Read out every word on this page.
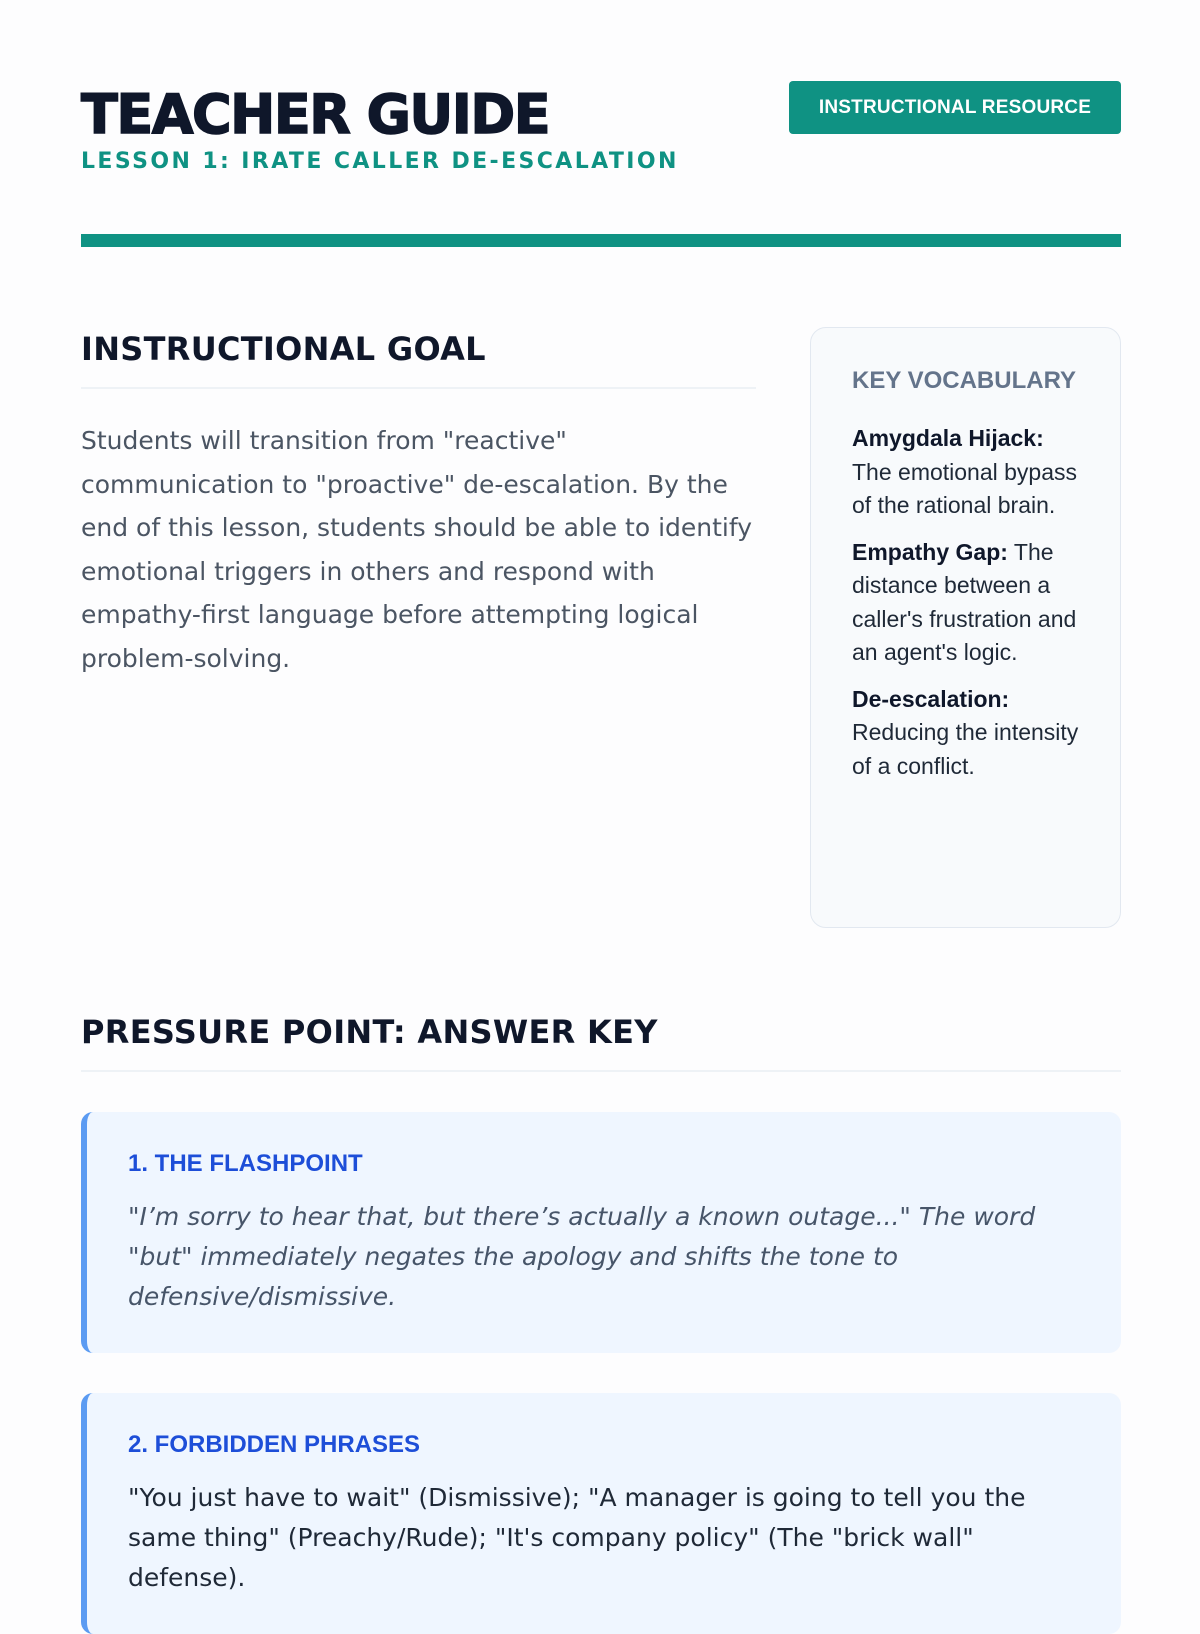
TEACHER GUIDE
LESSON 1: IRATE CALLER DE-ESCALATION
INSTRUCTIONAL RESOURCE
INSTRUCTIONAL GOAL

Students will transition from "reactive" communication to "proactive" de-escalation. By the end of this lesson, students should be able to identify emotional triggers in others and respond with empathy-first language before attempting logical problem-solving.

KEY VOCABULARY

Amygdala Hijack: The emotional bypass of the rational brain.

Empathy Gap: The distance between a caller's frustration and an agent's logic.

De-escalation: Reducing the intensity of a conflict.

PRESSURE POINT: ANSWER KEY
1. THE FLASHPOINT

"I’m sorry to hear that, but there’s actually a known outage..." The word "but" immediately negates the apology and shifts the tone to defensive/dismissive.

2. FORBIDDEN PHRASES

"You just have to wait" (Dismissive); "A manager is going to tell you the same thing" (Preachy/Rude); "It's company policy" (The "brick wall" defense).
